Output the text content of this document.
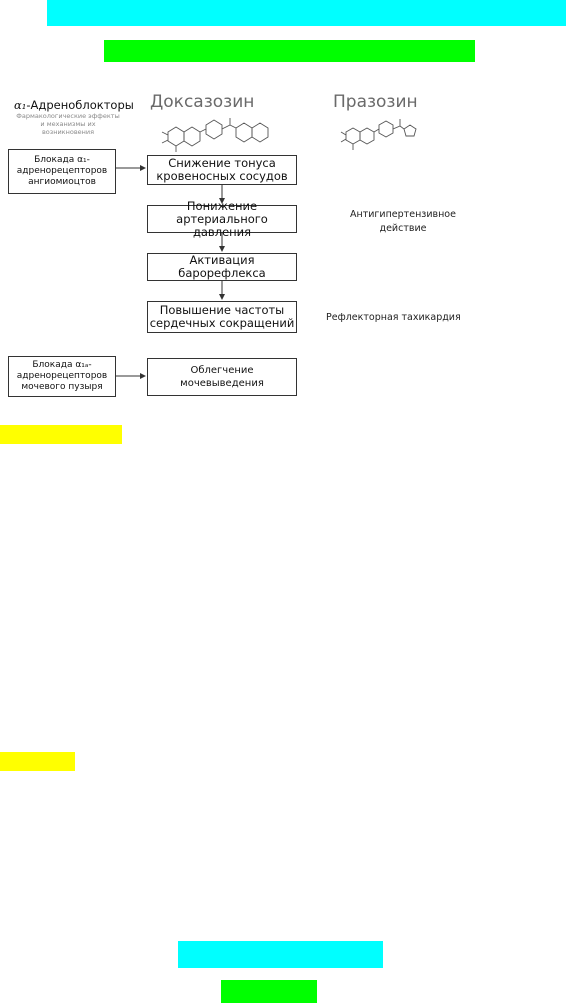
α₁-Адреноблокторы
Фармакологические эффекты и механизмы их возникновения
Доксазозин	Празозин
Блокада α₁-адренорецепторов ангиомиоцтов
Блокада α₁ₐ-адренорецепторов мочевого пузыря
Снижение тонуса кровеносных сосудов
Понижение артериального давления
Активация барорефлекса
Повышение частоты сердечных сокращений
Облегчение мочевыведения
Антигипертензивное действие
Рефлекторная тахикардия
